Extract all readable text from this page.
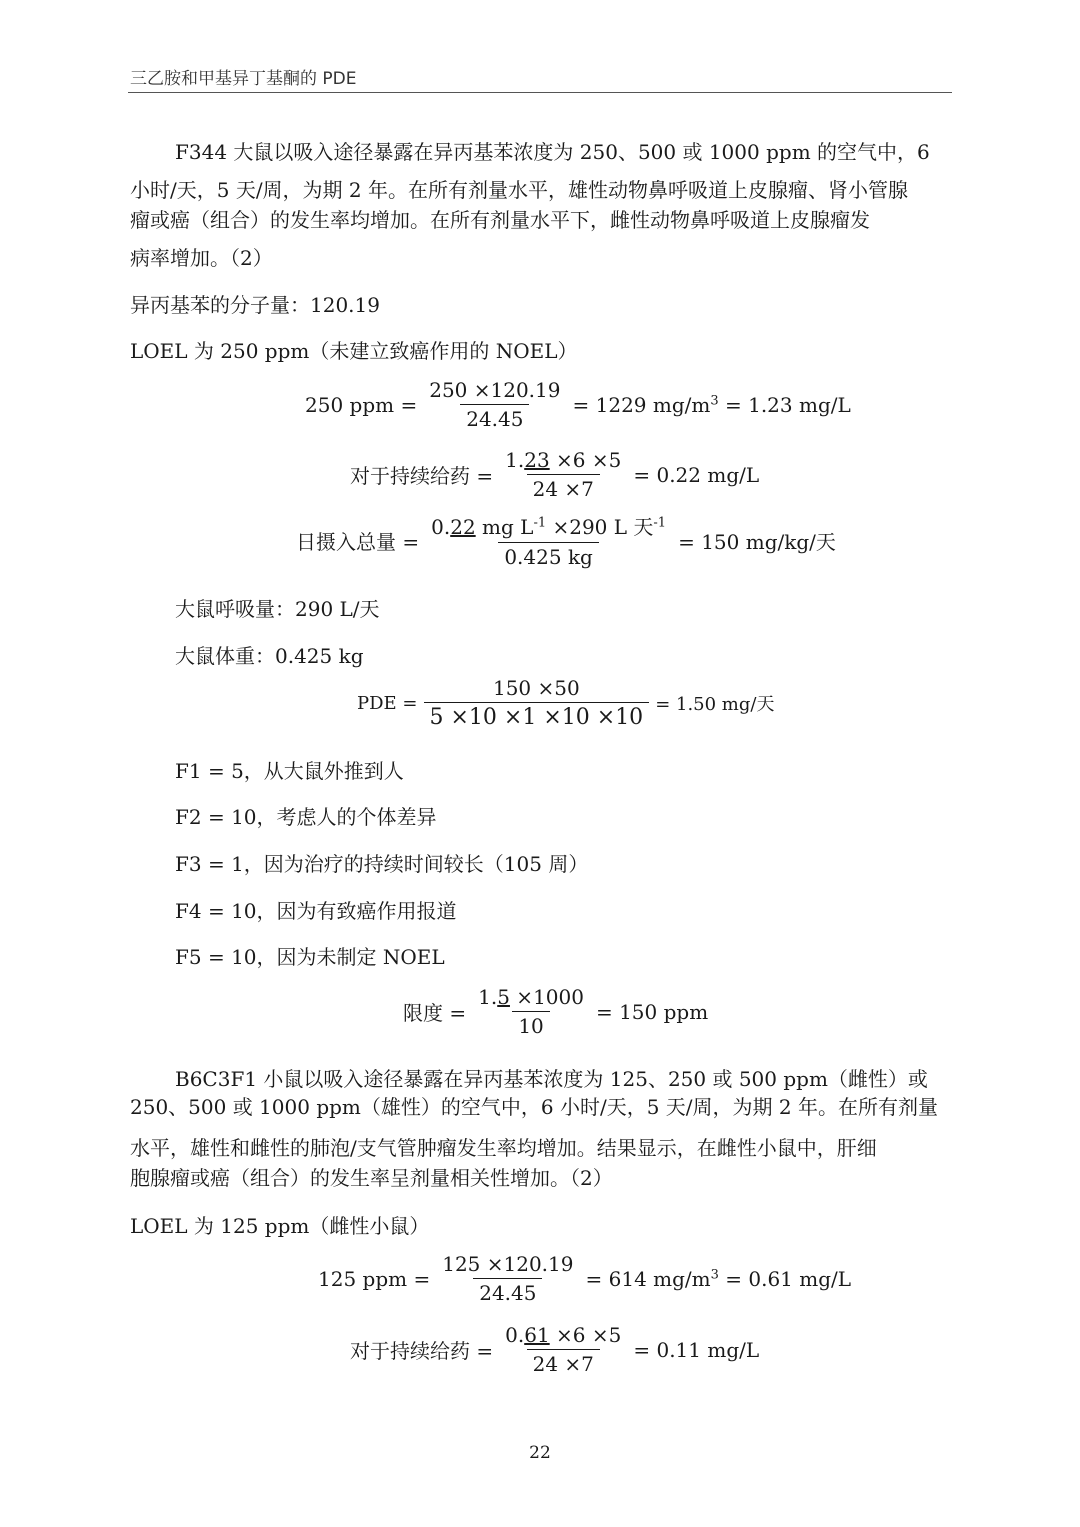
三乙胺和甲基异丁基酮的 PDE
F344 大鼠以吸入途径暴露在异丙基苯浓度为 250、500 或 1000 ppm 的空气中，6
小时/天，5 天/周，为期 2 年。在所有剂量水平，雄性动物鼻呼吸道上皮腺瘤、肾小管腺
瘤或癌（组合）的发生率均增加。在所有剂量水平下，雌性动物鼻呼吸道上皮腺瘤发
病率增加。（2）
异丙基苯的分子量：120.19
LOEL 为 250 ppm（未建立致癌作用的 NOEL）
250 ppm = $\frac{250 \times 120.19}{24.45} = 1229$ $mg/m^3 = 1.23$ mg/L
对于持续给药 = $\frac{1.23 \times 6 \times 5}{24 \times 7} = 0.22$ mg/L
日摄入总量 = $\frac{0.22 mg L^{-1} \times 290 L 天^{-1}}{0.425 kg} = 150$ mg/kg/天
大鼠呼吸量：290 L/天
大鼠体重：0.425 kg
PDE = $\frac{150 \times 50}{5 \times 10 \times 1 \times 10 \times 10} = 1.50$ mg/天
F1 = 5，从大鼠外推到人
F2 = 10，考虑人的个体差异
F3 = 1，因为治疗的持续时间较长（105 周）
F4 = 10，因为有致癌作用报道
F5 = 10，因为未制定 NOEL
限度 = $\frac{1.5 \times 1000}{10} = 150$ ppm
B6C3F1 小鼠以吸入途径暴露在异丙基苯浓度为 125、250 或 500 ppm（雌性）或
250、500 或 1000 ppm（雄性）的空气中，6 小时/天，5 天/周，为期 2 年。在所有剂量
水平，雄性和雌性的肺泡/支气管肿瘤发生率均增加。结果显示，在雌性小鼠中，肝细
胞腺瘤或癌（组合）的发生率呈剂量相关性增加。（2）
LOEL 为 125 ppm（雌性小鼠）
125 ppm = $\frac{125 \times 120.19}{24.45} = 614$ $mg/m^3 = 0.61$ mg/L
对于持续给药 = $\frac{0.61 \times 6 \times 5}{24 \times 7} = 0.11$ mg/L
22
